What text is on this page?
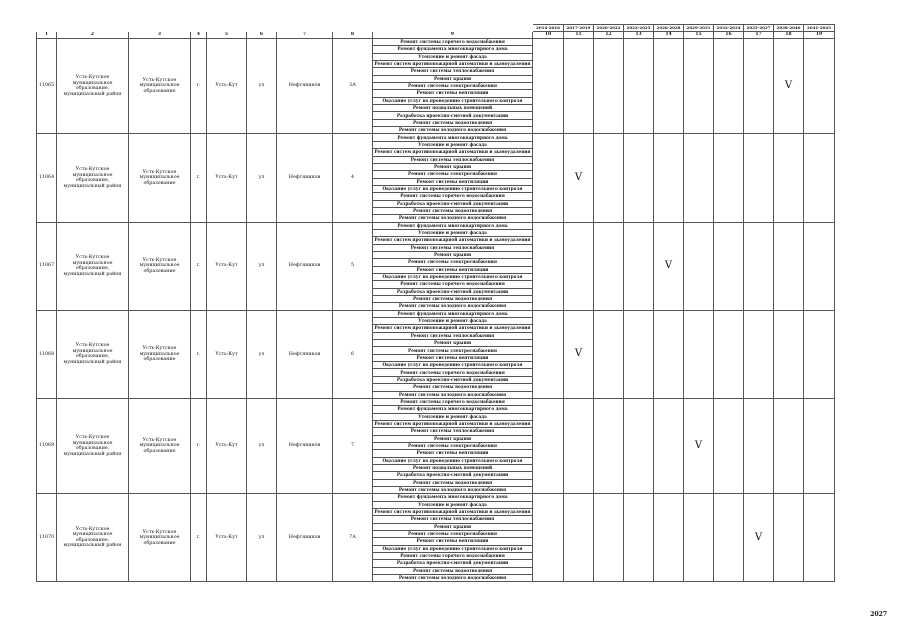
									2014-2016	2017-2019	2020-2022	2023-2025	2026-2028	2029-2031	2032-2034	2035-2037	2038-2040	2041-2043
1	2	3	4	5	6	7	8	9	10	11	12	13	14	15	16	17	18	19
11065	Усть-Кутское муниципальное образование, муниципальный район	Усть-Кутское муниципальное образование	г.	Усть-Кут	ул	Нефтяников	3А	Ремонт системы горячего водоснабжения									V	
								Ремонт фундамента многоквартирного дома										
								Утепление и ремонт фасада										
								Ремонт систем противопожарной автоматики и дымоудаления										
								Ремонт системы теплоснабжения										
								Ремонт крыши										
								Ремонт системы электроснабжения										
								Ремонт системы вентиляции										
								Оказание услуг по проведению строительного контроля										
								Ремонт подвальных помещений										
								Разработка проектно-сметной документации										
								Ремонт системы водоотведения										
								Ремонт системы холодного водоснабжения										
11064	Усть-Кутское муниципальное образование, муниципальный район	Усть-Кутское муниципальное образование	г.	Усть-Кут	ул	Нефтяников	4	Ремонт фундамента многоквартирного дома		V								
								Утепление и ремонт фасада										
								Ремонт систем противопожарной автоматики и дымоудаления										
								Ремонт системы теплоснабжения										
								Ремонт крыши										
								Ремонт системы электроснабжения										
								Ремонт системы вентиляции										
								Оказание услуг по проведению строительного контроля										
								Ремонт системы горячего водоснабжения										
								Разработка проектно-сметной документации										
								Ремонт системы водоотведения										
								Ремонт системы холодного водоснабжения										
11067	Усть-Кутское муниципальное образование, муниципальный район	Усть-Кутское муниципальное образование	г.	Усть-Кут	ул	Нефтяников	5	Ремонт фундамента многоквартирного дома					V					
								Утепление и ремонт фасада										
								Ремонт систем противопожарной автоматики и дымоудаления										
								Ремонт системы теплоснабжения										
								Ремонт крыши										
								Ремонт системы электроснабжения										
								Ремонт системы вентиляции										
								Оказание услуг по проведению строительного контроля										
								Ремонт системы горячего водоснабжения										
								Разработка проектно-сметной документации										
								Ремонт системы водоотведения										
								Ремонт системы холодного водоснабжения										
11068	Усть-Кутское муниципальное образование, муниципальный район	Усть-Кутское муниципальное образование	г.	Усть-Кут	ул	Нефтяников	6	Ремонт фундамента многоквартирного дома		V								
								Утепление и ремонт фасада										
								Ремонт систем противопожарной автоматики и дымоудаления										
								Ремонт системы теплоснабжения										
								Ремонт крыши										
								Ремонт системы электроснабжения										
								Ремонт системы вентиляции										
								Оказание услуг по проведению строительного контроля										
								Ремонт системы горячего водоснабжения										
								Разработка проектно-сметной документации										
								Ремонт системы водоотведения										
								Ремонт системы холодного водоснабжения										
11069	Усть-Кутское муниципальное образование, муниципальный район	Усть-Кутское муниципальное образование	г.	Усть-Кут	ул	Нефтяников	7	Ремонт системы горячего водоснабжения						V				
								Ремонт фундамента многоквартирного дома										
								Утепление и ремонт фасада										
								Ремонт систем противопожарной автоматики и дымоудаления										
								Ремонт системы теплоснабжения										
								Ремонт крыши										
								Ремонт системы электроснабжения										
								Ремонт системы вентиляции										
								Оказание услуг по проведению строительного контроля										
								Ремонт подвальных помещений										
								Разработка проектно-сметной документации										
								Ремонт системы водоотведения										
								Ремонт системы холодного водоснабжения										
11070	Усть-Кутское муниципальное образование, муниципальный район	Усть-Кутское муниципальное образование	г.	Усть-Кут	ул	Нефтяников	7А	Ремонт фундамента многоквартирного дома								V		
								Утепление и ремонт фасада										
								Ремонт систем противопожарной автоматики и дымоудаления										
								Ремонт системы теплоснабжения										
								Ремонт крыши										
								Ремонт системы электроснабжения										
								Ремонт системы вентиляции										
								Оказание услуг по проведению строительного контроля										
								Ремонт системы горячего водоснабжения										
								Разработка проектно-сметной документации										
								Ремонт системы водоотведения										
								Ремонт системы холодного водоснабжения										
2027
